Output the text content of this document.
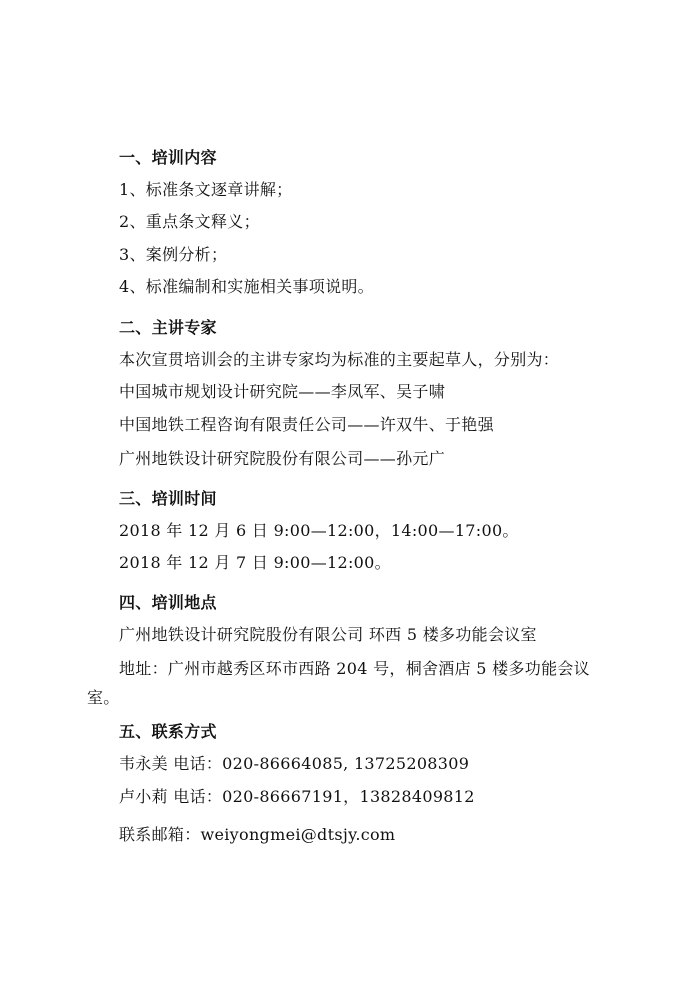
一、培训内容
1、标准条文逐章讲解；
2、重点条文释义；
3、案例分析；
4、标准编制和实施相关事项说明。
二、主讲专家
本次宣贯培训会的主讲专家均为标准的主要起草人，分别为：
中国城市规划设计研究院——李凤军、吴子啸
中国地铁工程咨询有限责任公司——许双牛、于艳强
广州地铁设计研究院股份有限公司——孙元广
三、培训时间
2018 年 12 月 6 日 9:00—12:00，14:00—17:00。
2018 年 12 月 7 日 9:00—12:00。
四、培训地点
广州地铁设计研究院股份有限公司 环西 5 楼多功能会议室
地址：广州市越秀区环市西路 204 号，桐舍酒店 5 楼多功能会议
室。
五、联系方式
韦永美 电话：020-86664085, 13725208309
卢小莉 电话：020-86667191，13828409812
联系邮箱：weiyongmei@dtsjy.com
